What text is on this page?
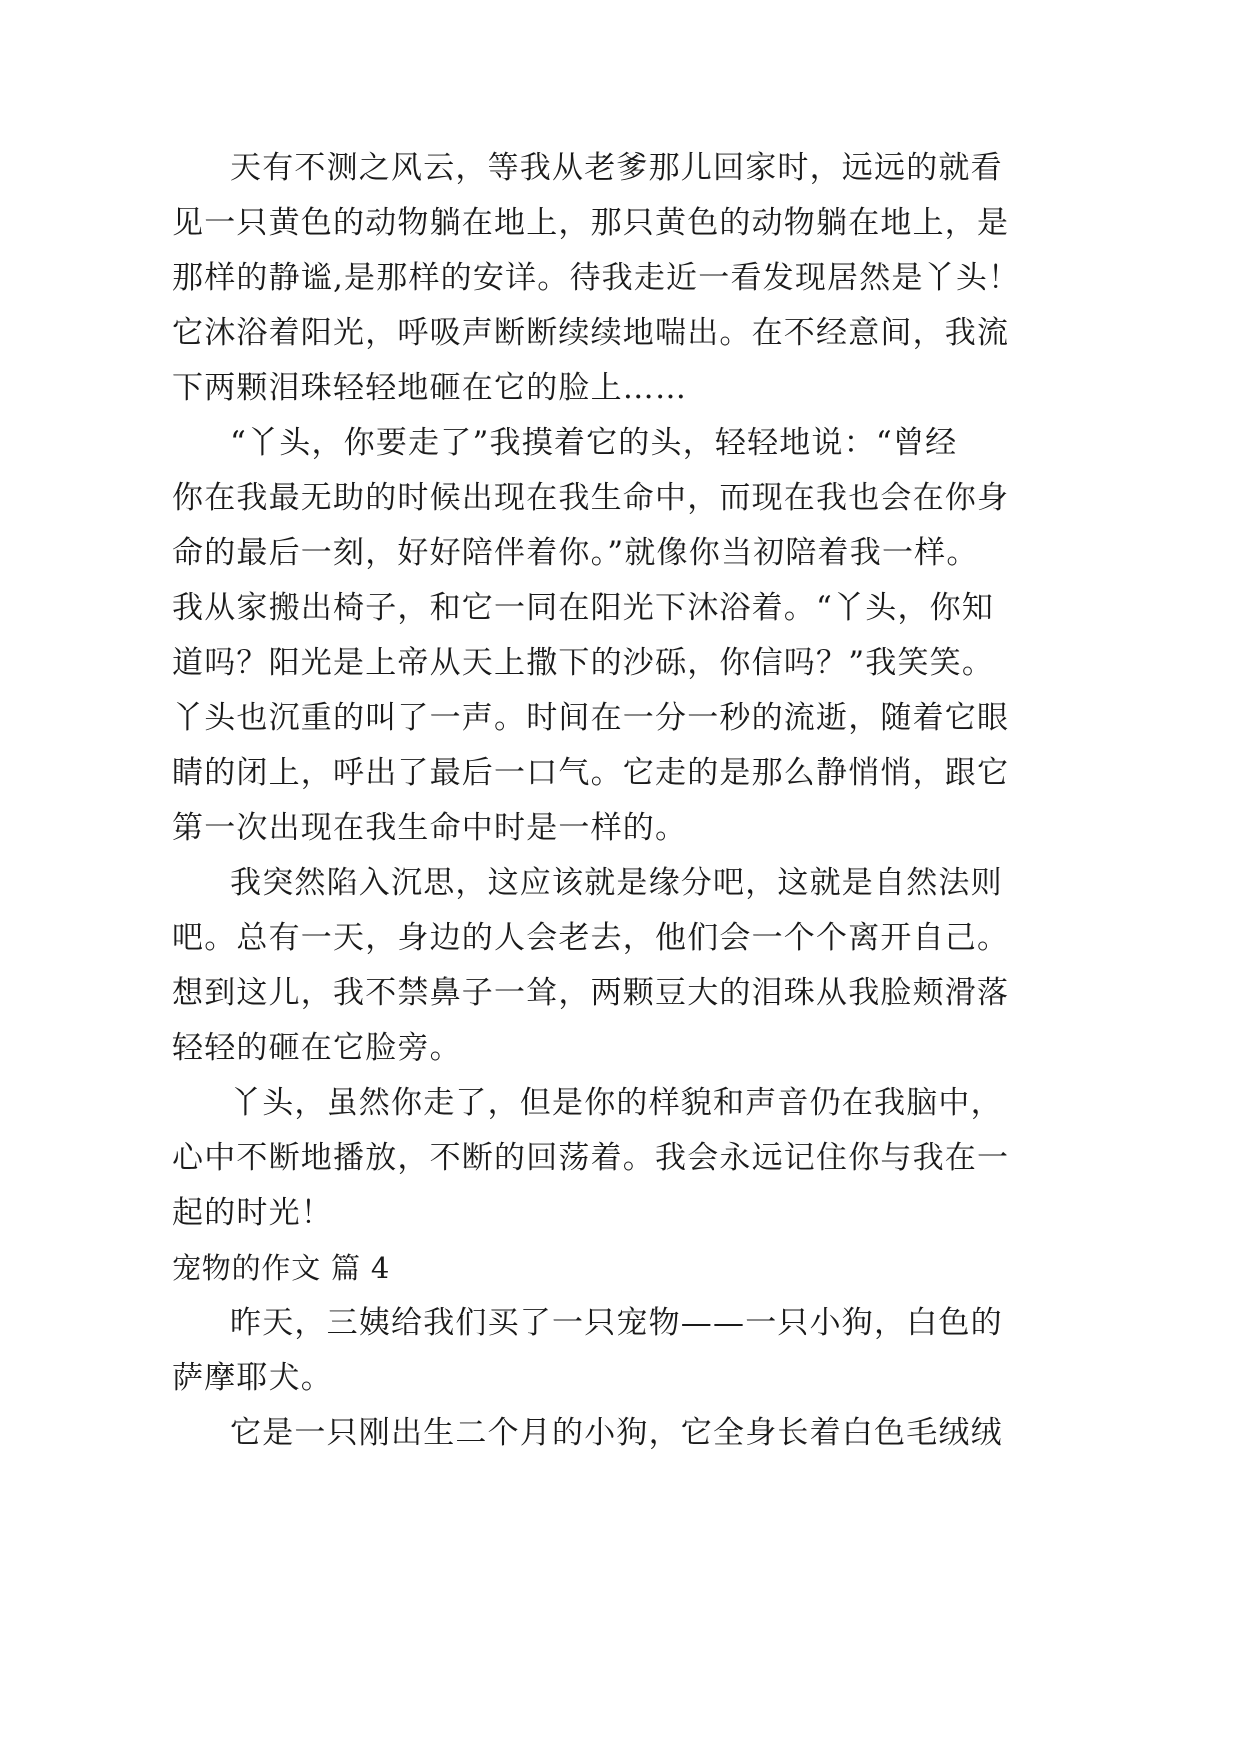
天有不测之风云，等我从老爹那儿回家时，远远的就看
见一只黄色的动物躺在地上，那只黄色的动物躺在地上，是
那样的静谧,是那样的安详。待我走近一看发现居然是丫头！
它沐浴着阳光，呼吸声断断续续地喘出。在不经意间，我流
下两颗泪珠轻轻地砸在它的脸上……
“丫头，你要走了”我摸着它的头，轻轻地说：“曾经
你在我最无助的时候出现在我生命中，而现在我也会在你身
命的最后一刻，好好陪伴着你。”就像你当初陪着我一样。
我从家搬出椅子，和它一同在阳光下沐浴着。“丫头，你知
道吗？阳光是上帝从天上撒下的沙砾，你信吗？”我笑笑。
丫头也沉重的叫了一声。时间在一分一秒的流逝，随着它眼
睛的闭上，呼出了最后一口气。它走的是那么静悄悄，跟它
第一次出现在我生命中时是一样的。
我突然陷入沉思，这应该就是缘分吧，这就是自然法则
吧。总有一天，身边的人会老去，他们会一个个离开自己。
想到这儿，我不禁鼻子一耸，两颗豆大的泪珠从我脸颊滑落
轻轻的砸在它脸旁。
丫头，虽然你走了，但是你的样貌和声音仍在我脑中，
心中不断地播放，不断的回荡着。我会永远记住你与我在一
起的时光！
宠物的作文 篇 4
昨天，三姨给我们买了一只宠物——一只小狗，白色的
萨摩耶犬。
它是一只刚出生二个月的小狗，它全身长着白色毛绒绒
